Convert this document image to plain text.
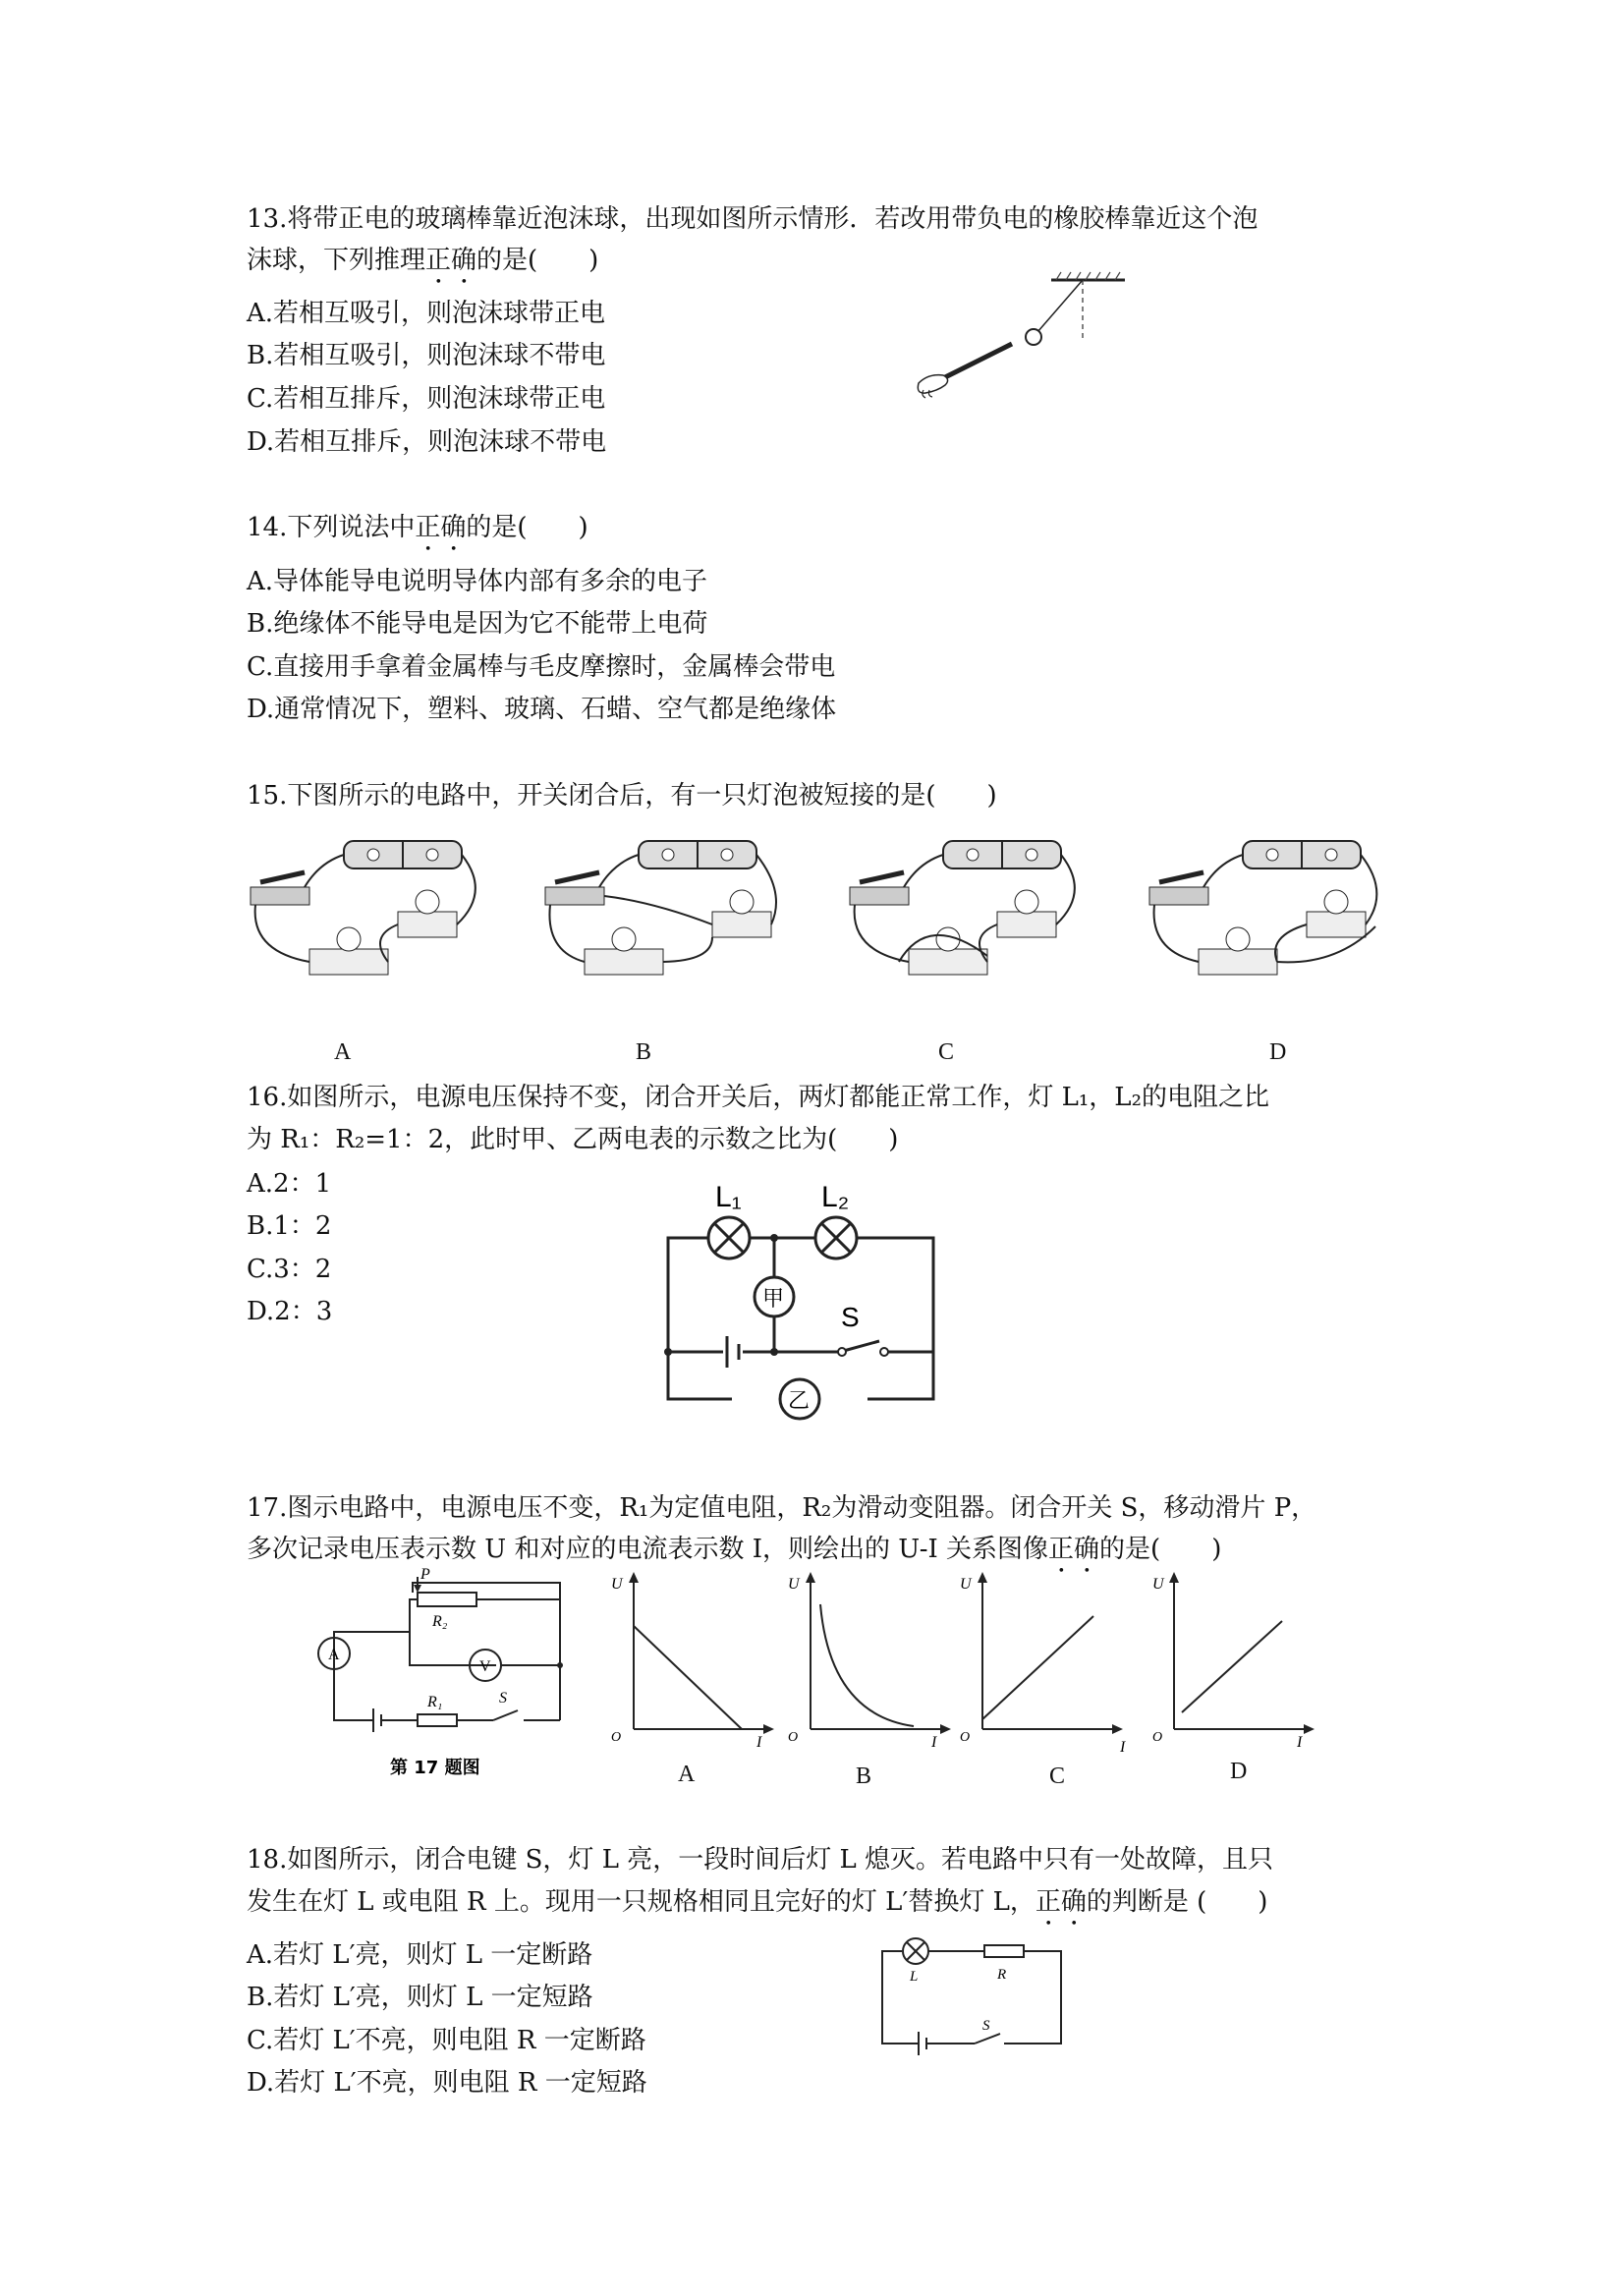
13.将带正电的玻璃棒靠近泡沫球，出现如图所示情形．若改用带负电的橡胶棒靠近这个泡
沫球，下列推理正确的是(　　)
A.若相互吸引，则泡沫球带正电
B.若相互吸引，则泡沫球不带电
C.若相互排斥，则泡沫球带正电
D.若相互排斥，则泡沫球不带电
14.下列说法中正确的是(　　)
A.导体能导电说明导体内部有多余的电子
B.绝缘体不能导电是因为它不能带上电荷
C.直接用手拿着金属棒与毛皮摩擦时，金属棒会带电
D.通常情况下，塑料、玻璃、石蜡、空气都是绝缘体
15.下图所示的电路中，开关闭合后，有一只灯泡被短接的是(　　)
A	B	C	D
16.如图所示，电源电压保持不变，闭合开关后，两灯都能正常工作，灯 L₁，L₂的电阻之比
为 R₁：R₂=1：2，此时甲、乙两电表的示数之比为(　　)
A.2：1
B.1：2
C.3：2
D.2：3
L₁	L₂
甲
乙
S
17.图示电路中，电源电压不变，R₁为定值电阻，R₂为滑动变阻器。闭合开关 S，移动滑片 P，
多次记录电压表示数 U 和对应的电流表示数 I，则绘出的 U-I 关系图像正确的是(　　)
P
R₂
A
V
R₁	S
第 17 题图
U
I
O
U
I
O
U
I
O
U
I
O
A	B	C	D
18.如图所示，闭合电键 S，灯 L 亮，一段时间后灯 L 熄灭。若电路中只有一处故障，且只
发生在灯 L 或电阻 R 上。现用一只规格相同且完好的灯 L′替换灯 L，正确的判断是 (　　)
A.若灯 L′亮，则灯 L 一定断路
B.若灯 L′亮，则灯 L 一定短路
C.若灯 L′不亮，则电阻 R 一定断路
D.若灯 L′不亮，则电阻 R 一定短路
L	R
S
